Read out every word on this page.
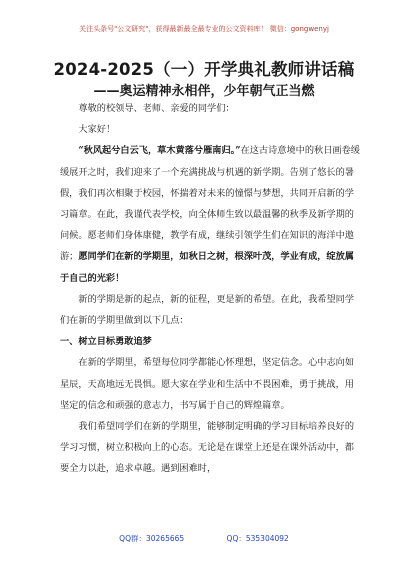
关注头条号"公文研究"，获得最新最全最专业的公文资料库！ 微信：gongwenyj
2024-2025（一）开学典礼教师讲话稿
——奥运精神永相伴，少年朝气正当燃

尊敬的校领导、老师、亲爱的同学们：

大家好！

“秋风起兮白云飞，草木黄落兮雁南归。”在这古诗意境中的秋日画卷缓缓展开之时，我们迎来了一个充满挑战与机遇的新学期。告别了悠长的暑假，我们再次相聚于校园，怀揣着对未来的憧憬与梦想，共同开启新的学习篇章。在此，我谨代表学校，向全体师生致以最温馨的秋季及新学期的问候。愿老师们身体康健，教学有成，继续引领学生们在知识的海洋中遨游；愿同学们在新的学期里，如秋日之树，根深叶茂，学业有成，绽放属于自己的光彩！

新的学期是新的起点，新的征程，更是新的希望。在此，我希望同学们在新的学期里做到以下几点：

一、树立目标勇敢追梦

在新的学期里，希望每位同学都能心怀理想，坚定信念。心中志向如星辰，天高地远无畏惧。愿大家在学业和生活中不畏困难，勇于挑战，用坚定的信念和顽强的意志力，书写属于自己的辉煌篇章。

我们希望同学们在新的学期里，能够制定明确的学习目标培养良好的学习习惯，树立积极向上的心态。无论是在课堂上还是在课外活动中，都要全力以赴，追求卓越。遇到困难时，

QQ群：30265665	QQ：535304092
